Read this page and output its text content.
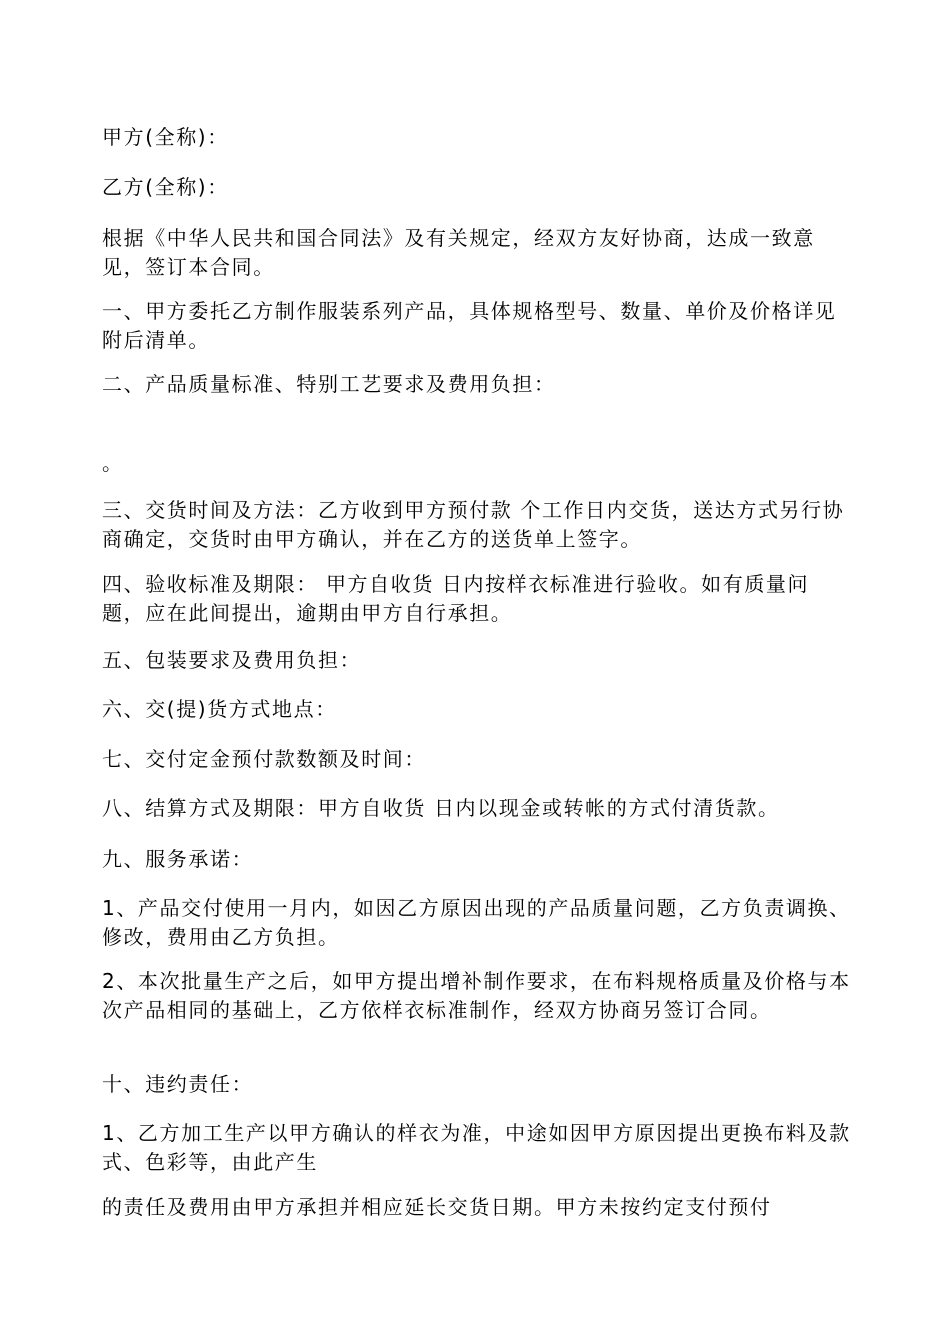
甲方(全称)：

乙方(全称)：

根据《中华人民共和国合同法》及有关规定，经双方友好协商，达成一致意见，签订本合同。

一、甲方委托乙方制作服装系列产品，具体规格型号、数量、单价及价格详见附后清单。

二、产品质量标准、特别工艺要求及费用负担：

。

三、交货时间及方法：乙方收到甲方预付款 个工作日内交货，送达方式另行协商确定，交货时由甲方确认，并在乙方的送货单上签字。

四、验收标准及期限： 甲方自收货 日内按样衣标准进行验收。如有质量问题，应在此间提出，逾期由甲方自行承担。

五、包装要求及费用负担：

六、交(提)货方式地点：

七、交付定金预付款数额及时间：

八、结算方式及期限：甲方自收货 日内以现金或转帐的方式付清货款。

九、服务承诺：

1、产品交付使用一月内，如因乙方原因出现的产品质量问题，乙方负责调换、修改，费用由乙方负担。

2、本次批量生产之后，如甲方提出增补制作要求，在布料规格质量及价格与本次产品相同的基础上，乙方依样衣标准制作，经双方协商另签订合同。

十、违约责任：

1、乙方加工生产以甲方确认的样衣为准，中途如因甲方原因提出更换布料及款式、色彩等，由此产生

的责任及费用由甲方承担并相应延长交货日期。甲方未按约定支付预付
